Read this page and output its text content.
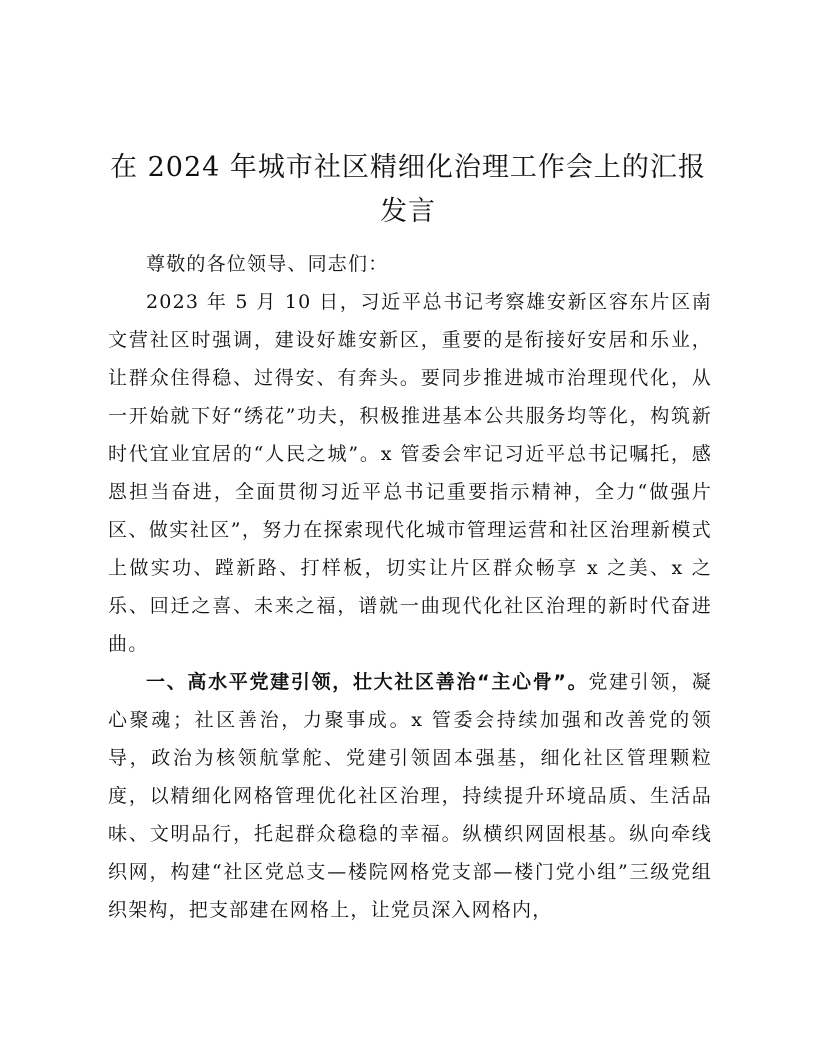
在 2024 年城市社区精细化治理工作会上的汇报发言

尊敬的各位领导、同志们：

2023 年 5 月 10 日，习近平总书记考察雄安新区容东片区南文营社区时强调，建设好雄安新区，重要的是衔接好安居和乐业，让群众住得稳、过得安、有奔头。要同步推进城市治理现代化，从一开始就下好“绣花”功夫，积极推进基本公共服务均等化，构筑新时代宜业宜居的“人民之城”。x 管委会牢记习近平总书记嘱托，感恩担当奋进，全面贯彻习近平总书记重要指示精神，全力“做强片区、做实社区”，努力在探索现代化城市管理运营和社区治理新模式上做实功、蹚新路、打样板，切实让片区群众畅享 x 之美、x 之乐、回迁之喜、未来之福，谱就一曲现代化社区治理的新时代奋进曲。

一、高水平党建引领，壮大社区善治“主心骨”。党建引领，凝心聚魂；社区善治，力聚事成。x 管委会持续加强和改善党的领导，政治为核领航掌舵、党建引领固本强基，细化社区管理颗粒度，以精细化网格管理优化社区治理，持续提升环境品质、生活品味、文明品行，托起群众稳稳的幸福。纵横织网固根基。纵向牵线织网，构建“社区党总支—楼院网格党支部—楼门党小组”三级党组织架构，把支部建在网格上，让党员深入网格内，
